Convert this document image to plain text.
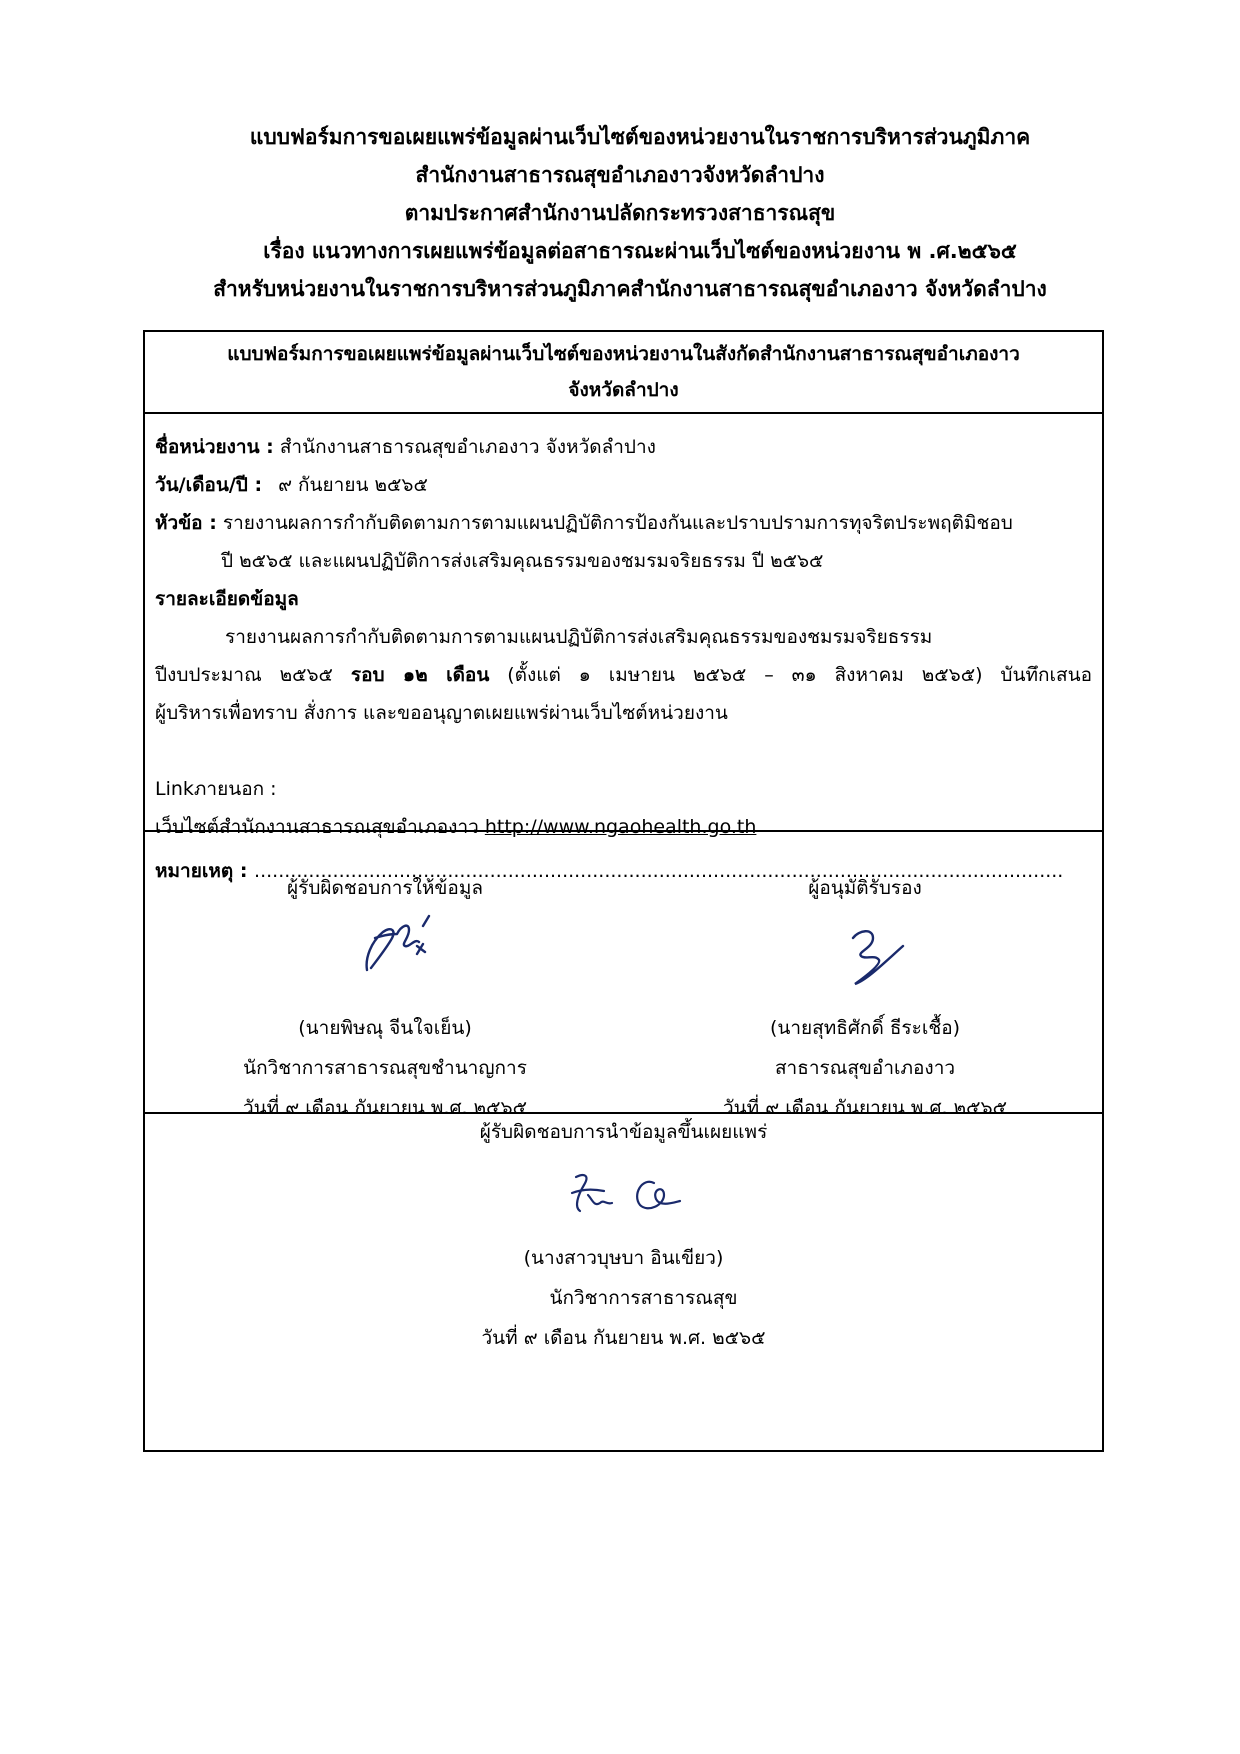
แบบฟอร์มการขอเผยแพร่ข้อมูลผ่านเว็บไซต์ของหน่วยงานในราชการบริหารส่วนภูมิภาค
สำนักงานสาธารณสุขอำเภองาวจังหวัดลำปาง
ตามประกาศสำนักงานปลัดกระทรวงสาธารณสุข
เรื่อง แนวทางการเผยแพร่ข้อมูลต่อสาธารณะผ่านเว็บไซต์ของหน่วยงาน พ .ศ.๒๕๖๕
สำหรับหน่วยงานในราชการบริหารส่วนภูมิภาคสำนักงานสาธารณสุขอำเภองาว จังหวัดลำปาง
แบบฟอร์มการขอเผยแพร่ข้อมูลผ่านเว็บไซต์ของหน่วยงานในสังกัดสำนักงานสาธารณสุขอำเภองาว
จังหวัดลำปาง
ชื่อหน่วยงาน : สำนักงานสาธารณสุขอำเภองาว จังหวัดลำปาง
วัน/เดือน/ปี : ๙ กันยายน ๒๕๖๕
หัวข้อ : รายงานผลการกำกับติดตามการตามแผนปฏิบัติการป้องกันและปราบปรามการทุจริตประพฤติมิชอบ
ปี ๒๕๖๕ และแผนปฏิบัติการส่งเสริมคุณธรรมของชมรมจริยธรรม ปี ๒๕๖๕
รายละเอียดข้อมูล
รายงานผลการกำกับติดตามการตามแผนปฏิบัติการส่งเสริมคุณธรรมของชมรมจริยธรรม
ปีงบประมาณ ๒๕๖๕ รอบ ๑๒ เดือน (ตั้งแต่ ๑ เมษายน ๒๕๖๕ – ๓๑ สิงหาคม ๒๕๖๕) บันทึกเสนอ
ผู้บริหารเพื่อทราบ สั่งการ และขออนุญาตเผยแพร่ผ่านเว็บไซต์หน่วยงาน
Linkภายนอก :
เว็บไซต์สำนักงานสาธารณสุขอำเภองาว http://www.ngaohealth.go.th
หมายเหตุ : ......................................................................................................................................
ผู้รับผิดชอบการให้ข้อมูล
(นายพิษณุ จีนใจเย็น)
นักวิชาการสาธารณสุขชำนาญการ
วันที่ ๙ เดือน กันยายน พ.ศ. ๒๕๖๕
ผู้อนุมัติรับรอง
(นายสุทธิศักดิ์ ธีระเชื้อ)
สาธารณสุขอำเภองาว
วันที่ ๙ เดือน กันยายน พ.ศ. ๒๕๖๕
ผู้รับผิดชอบการนำข้อมูลขึ้นเผยแพร่
(นางสาวบุษบา อินเขียว)
นักวิชาการสาธารณสุข
วันที่ ๙ เดือน กันยายน พ.ศ. ๒๕๖๕
